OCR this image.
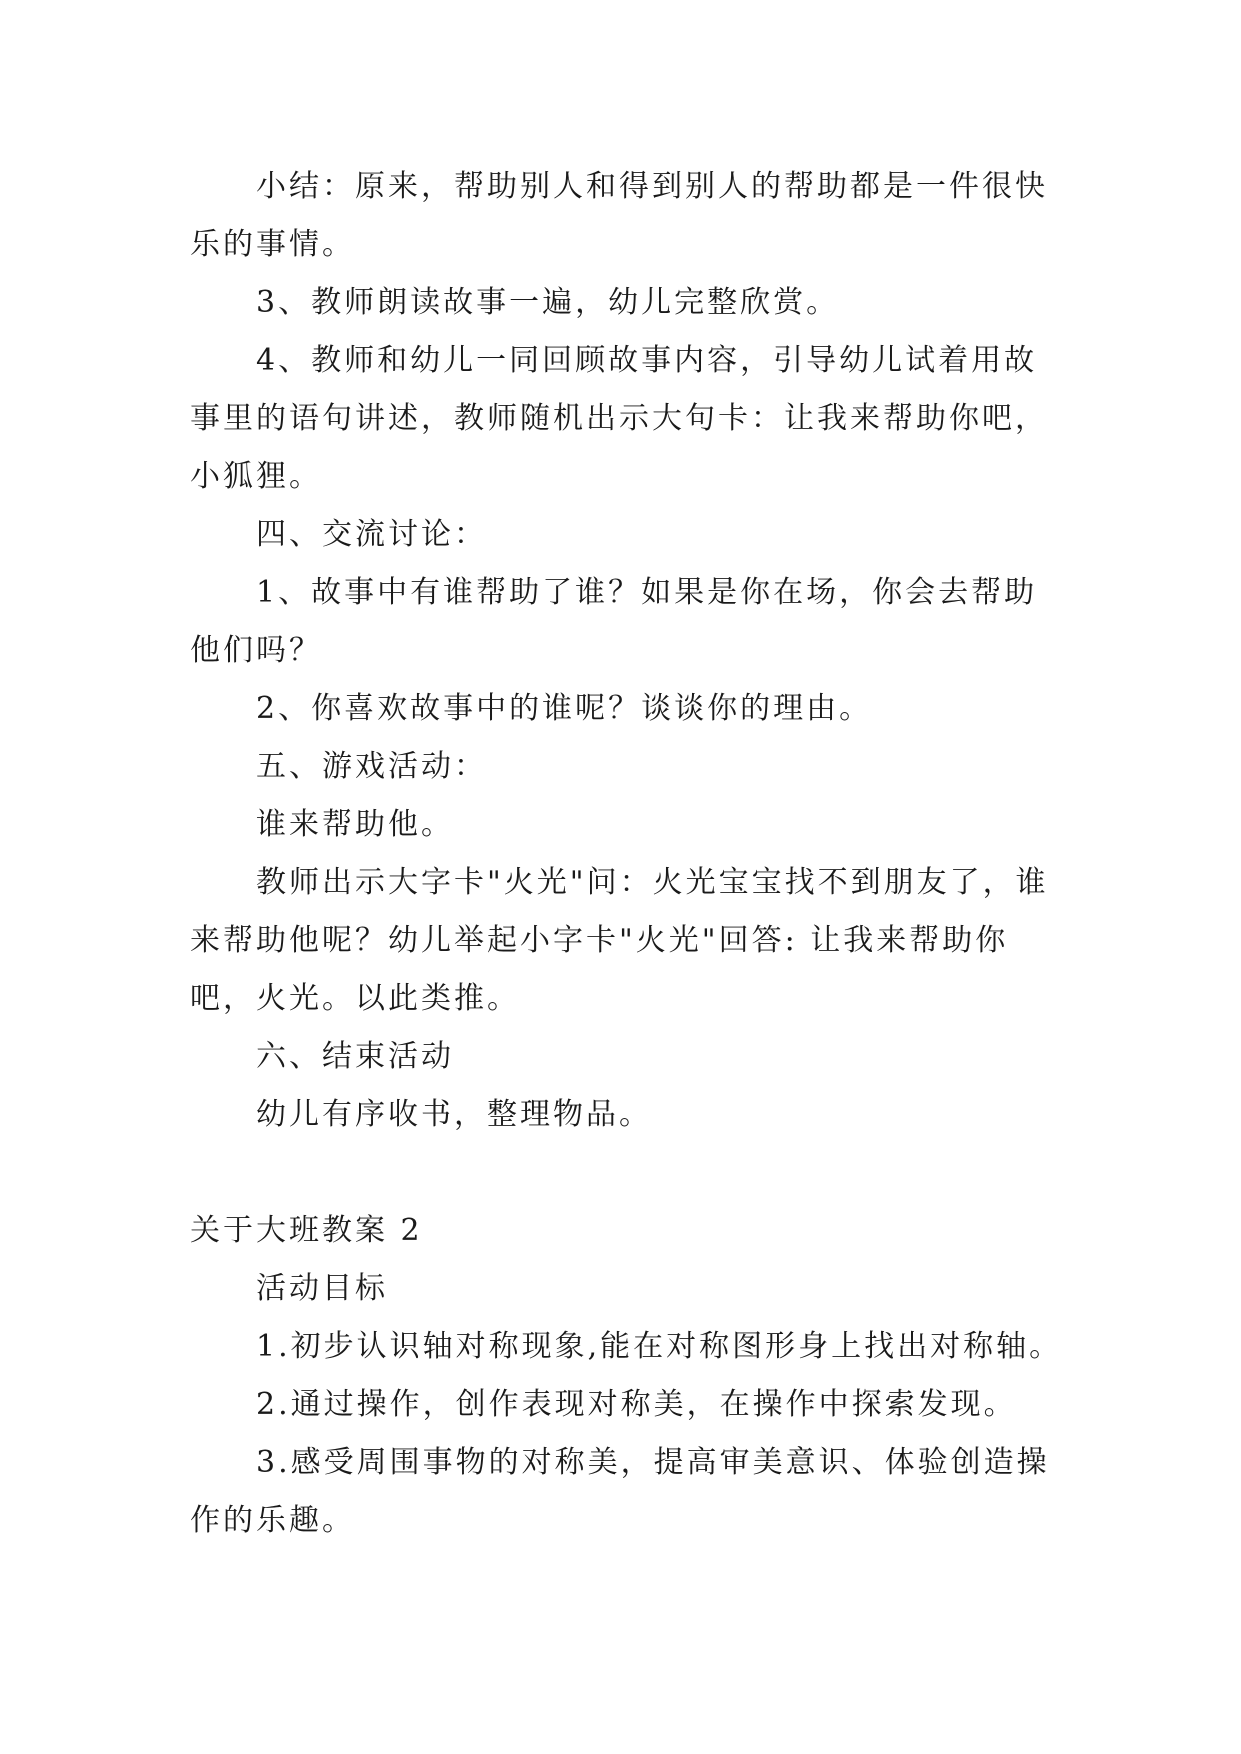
小结：原来，帮助别人和得到别人的帮助都是一件很快乐的事情。

3、教师朗读故事一遍，幼儿完整欣赏。

4、教师和幼儿一同回顾故事内容，引导幼儿试着用故事里的语句讲述，教师随机出示大句卡：让我来帮助你吧，小狐狸。

四、交流讨论：

1、故事中有谁帮助了谁？如果是你在场，你会去帮助他们吗？

2、你喜欢故事中的谁呢？谈谈你的理由。

五、游戏活动：

谁来帮助他。

教师出示大字卡"火光"问：火光宝宝找不到朋友了，谁来帮助他呢？幼儿举起小字卡"火光"回答: 让我来帮助你吧，火光。以此类推。

六、结束活动

幼儿有序收书，整理物品。

关于大班教案 2

活动目标

1.初步认识轴对称现象,能在对称图形身上找出对称轴。

2.通过操作，创作表现对称美，在操作中探索发现。

3.感受周围事物的对称美，提高审美意识、体验创造操作的乐趣。
